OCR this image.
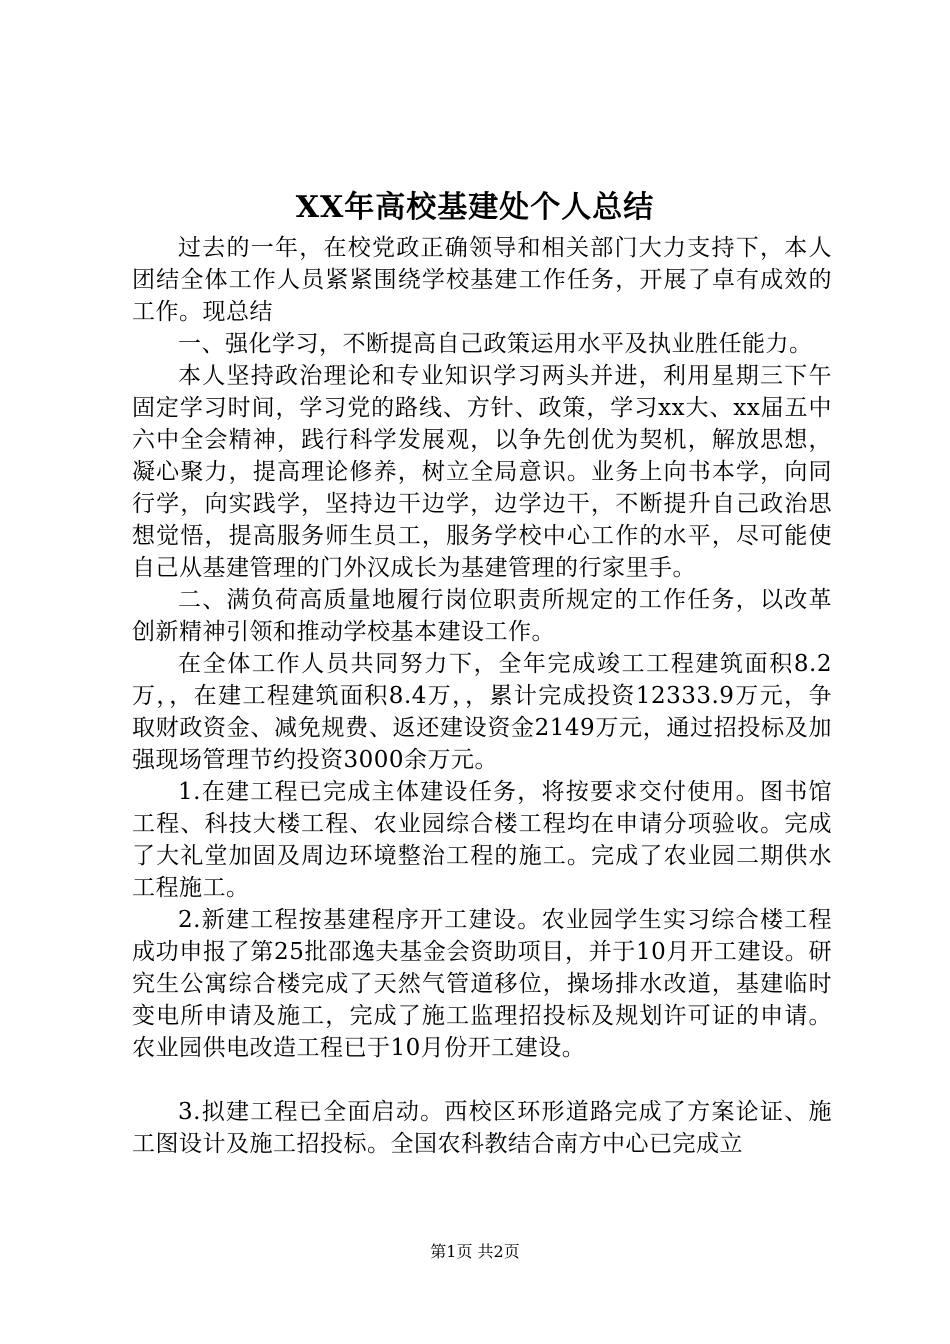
XX年高校基建处个人总结

过去的一年，在校党政正确领导和相关部门大力支持下，本人团结全体工作人员紧紧围绕学校基建工作任务，开展了卓有成效的工作。现总结

一、强化学习，不断提高自己政策运用水平及执业胜任能力。

本人坚持政治理论和专业知识学习两头并进，利用星期三下午固定学习时间，学习党的路线、方针、政策，学习xx大、xx届五中六中全会精神，践行科学发展观，以争先创优为契机，解放思想，凝心聚力，提高理论修养，树立全局意识。业务上向书本学，向同行学，向实践学，坚持边干边学，边学边干，不断提升自己政治思想觉悟，提高服务师生员工，服务学校中心工作的水平，尽可能使自己从基建管理的门外汉成长为基建管理的行家里手。

二、满负荷高质量地履行岗位职责所规定的工作任务，以改革创新精神引领和推动学校基本建设工作。

在全体工作人员共同努力下，全年完成竣工工程建筑面积8.2万，，在建工程建筑面积8.4万，，累计完成投资12333.9万元，争取财政资金、减免规费、返还建设资金2149万元，通过招投标及加强现场管理节约投资3000余万元。

1.在建工程已完成主体建设任务，将按要求交付使用。图书馆工程、科技大楼工程、农业园综合楼工程均在申请分项验收。完成了大礼堂加固及周边环境整治工程的施工。完成了农业园二期供水工程施工。

2.新建工程按基建程序开工建设。农业园学生实习综合楼工程成功申报了第25批邵逸夫基金会资助项目，并于10月开工建设。研究生公寓综合楼完成了天然气管道移位，操场排水改道，基建临时变电所申请及施工，完成了施工监理招投标及规划许可证的申请。农业园供电改造工程已于10月份开工建设。

3.拟建工程已全面启动。西校区环形道路完成了方案论证、施工图设计及施工招投标。全国农科教结合南方中心已完成立

第1页 共2页
